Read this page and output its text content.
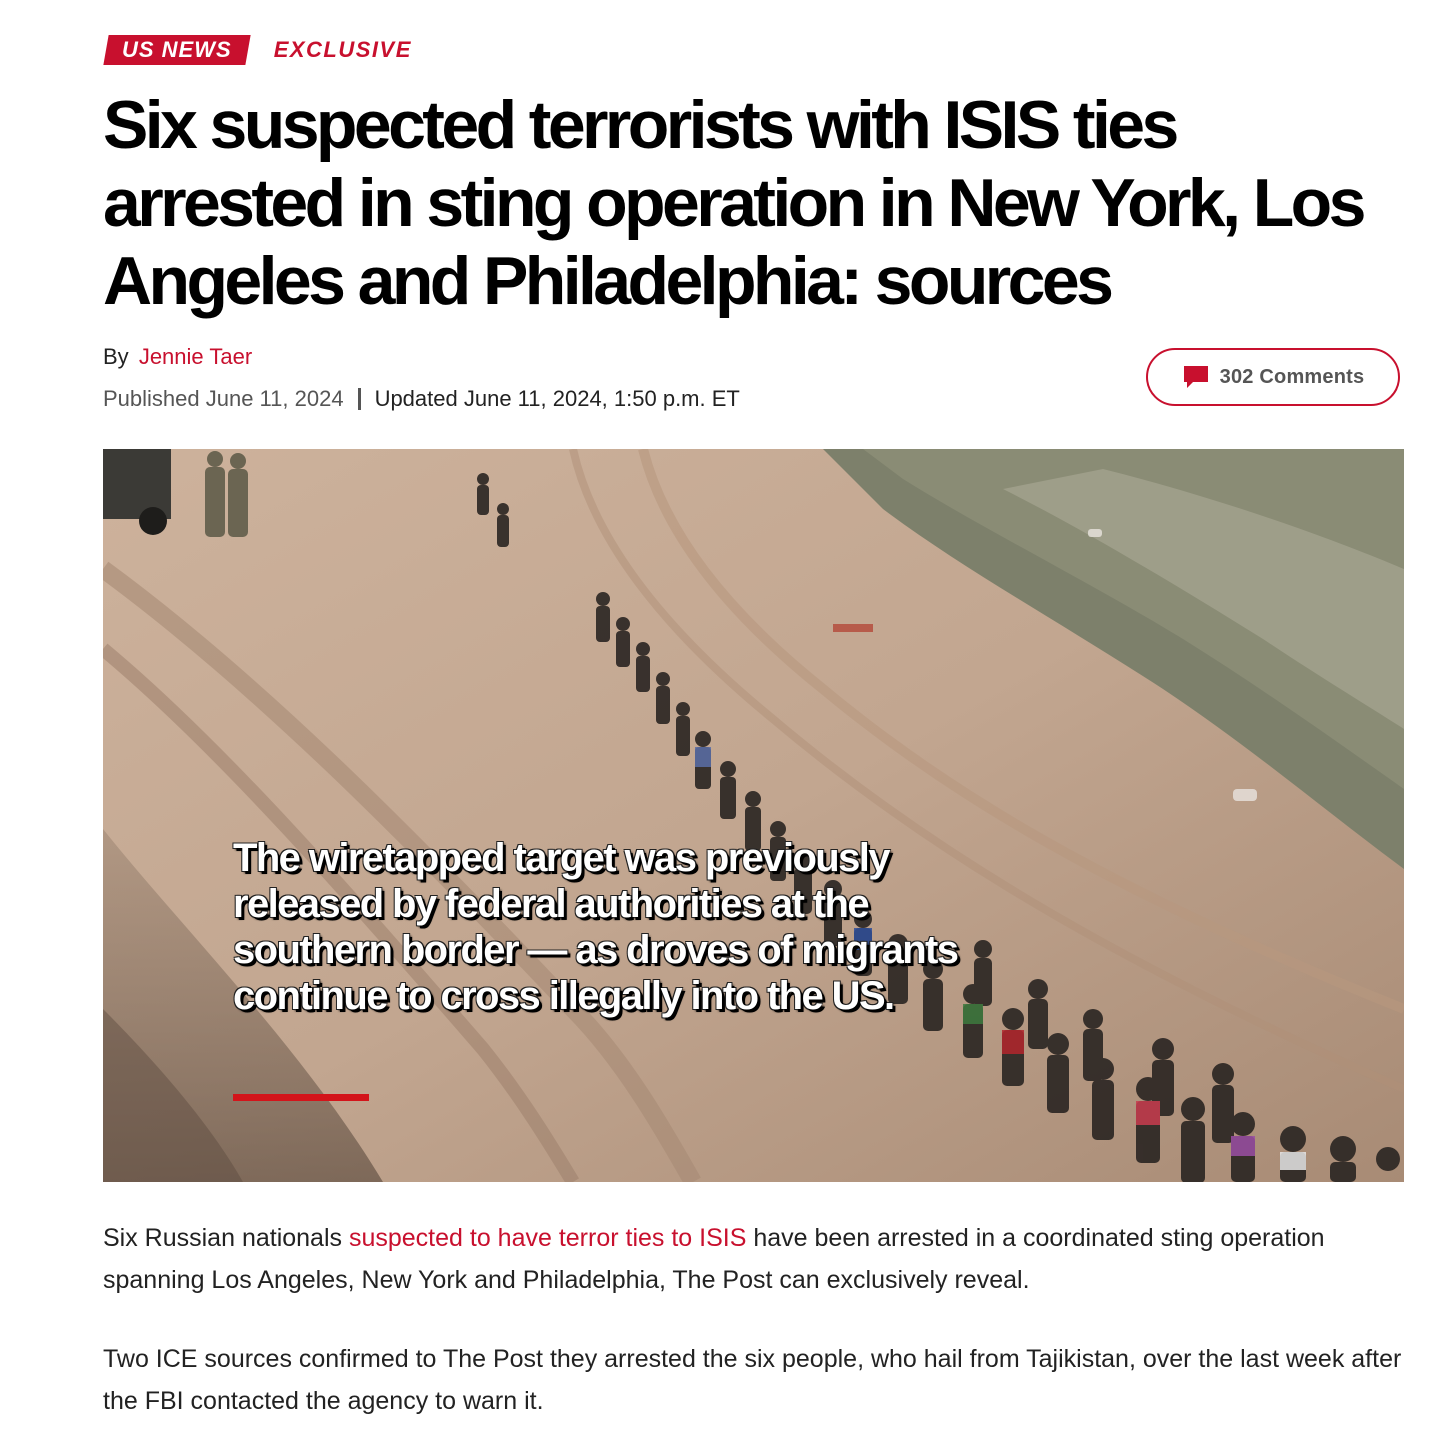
US NEWS	EXCLUSIVE
Six suspected terrorists with ISIS ties arrested in sting operation in New York, Los Angeles and Philadelphia: sources
By Jennie Taer
Published June 11, 2024 Updated June 11, 2024, 1:50 p.m. ET
302 Comments

The wiretapped target was previously released by federal authorities at the southern border — as droves of migrants continue to cross illegally into the US.

Six Russian nationals suspected to have terror ties to ISIS have been arrested in a coordinated sting operation spanning Los Angeles, New York and Philadelphia, The Post can exclusively reveal.

Two ICE sources confirmed to The Post they arrested the six people, who hail from Tajikistan, over the last week after the FBI contacted the agency to warn it.
